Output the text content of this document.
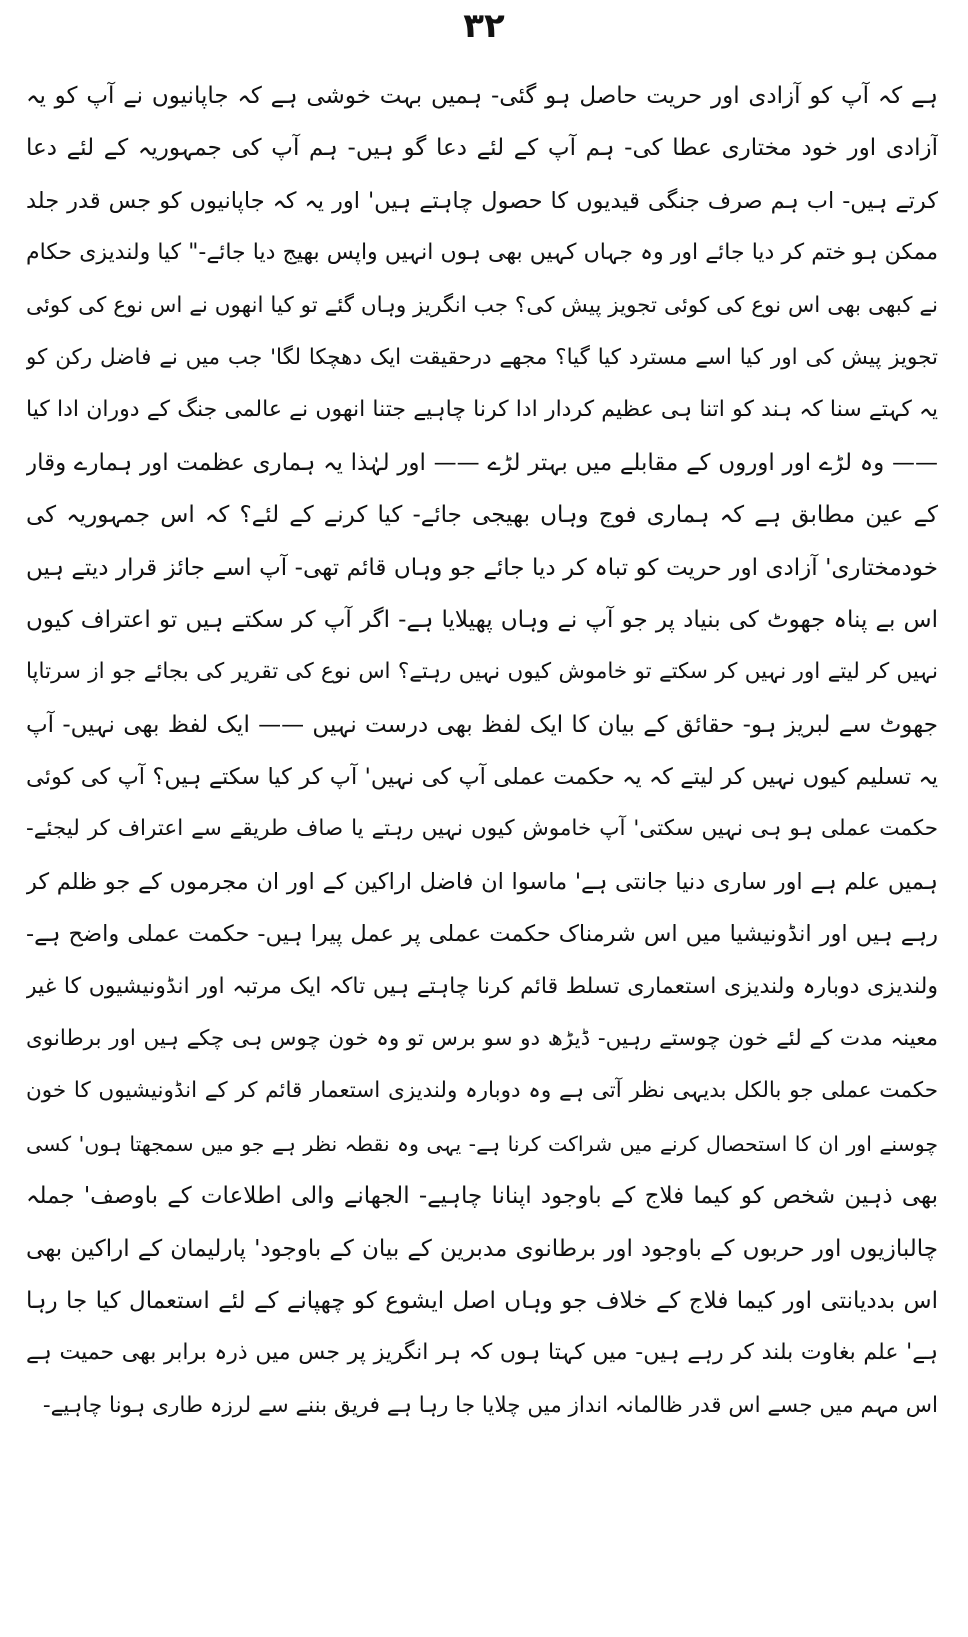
۳۲

ہے کہ آپ کو آزادی اور حریت حاصل ہو گئی- ہمیں بہت خوشی ہے کہ جاپانیوں نے آپ کو یہ

آزادی اور خود مختاری عطا کی- ہم آپ کے لئے دعا گو ہیں- ہم آپ کی جمہوریہ کے لئے دعا

کرتے ہیں- اب ہم صرف جنگی قیدیوں کا حصول چاہتے ہیں' اور یہ کہ جاپانیوں کو جس قدر جلد

ممکن ہو ختم کر دیا جائے اور وہ جہاں کہیں بھی ہوں انہیں واپس بھیج دیا جائے-" کیا ولندیزی حکام

نے کبھی بھی اس نوع کی کوئی تجویز پیش کی؟ جب انگریز وہاں گئے تو کیا انھوں نے اس نوع کی کوئی

تجویز پیش کی اور کیا اسے مسترد کیا گیا؟ مجھے درحقیقت ایک دھچکا لگا' جب میں نے فاضل رکن کو

یہ کہتے سنا کہ ہند کو اتنا ہی عظیم کردار ادا کرنا چاہیے جتنا انھوں نے عالمی جنگ کے دوران ادا کیا

—— وہ لڑے اور اوروں کے مقابلے میں بہتر لڑے —— اور لہٰذا یہ ہماری عظمت اور ہمارے وقار

کے عین مطابق ہے کہ ہماری فوج وہاں بھیجی جائے- کیا کرنے کے لئے؟ کہ اس جمہوریہ کی

خودمختاری' آزادی اور حریت کو تباہ کر دیا جائے جو وہاں قائم تھی- آپ اسے جائز قرار دیتے ہیں

اس بے پناہ جھوٹ کی بنیاد پر جو آپ نے وہاں پھیلایا ہے- اگر آپ کر سکتے ہیں تو اعتراف کیوں

نہیں کر لیتے اور نہیں کر سکتے تو خاموش کیوں نہیں رہتے؟ اس نوع کی تقریر کی بجائے جو از سرتاپا

جھوٹ سے لبریز ہو- حقائق کے بیان کا ایک لفظ بھی درست نہیں —— ایک لفظ بھی نہیں- آپ

یہ تسلیم کیوں نہیں کر لیتے کہ یہ حکمت عملی آپ کی نہیں' آپ کر کیا سکتے ہیں؟ آپ کی کوئی

حکمت عملی ہو ہی نہیں سکتی' آپ خاموش کیوں نہیں رہتے یا صاف طریقے سے اعتراف کر لیجئے-

ہمیں علم ہے اور ساری دنیا جانتی ہے' ماسوا ان فاضل اراکین کے اور ان مجرموں کے جو ظلم کر

رہے ہیں اور انڈونیشیا میں اس شرمناک حکمت عملی پر عمل پیرا ہیں- حکمت عملی واضح ہے-

ولندیزی دوبارہ ولندیزی استعماری تسلط قائم کرنا چاہتے ہیں تاکہ ایک مرتبہ اور انڈونیشیوں کا غیر

معینہ مدت کے لئے خون چوستے رہیں- ڈیڑھ دو سو برس تو وہ خون چوس ہی چکے ہیں اور برطانوی

حکمت عملی جو بالکل بدیہی نظر آتی ہے وہ دوبارہ ولندیزی استعمار قائم کر کے انڈونیشیوں کا خون

چوسنے اور ان کا استحصال کرنے میں شراکت کرنا ہے- یہی وہ نقطہ نظر ہے جو میں سمجھتا ہوں' کسی

بھی ذہین شخص کو کیما فلاج کے باوجود اپنانا چاہیے- الجھانے والی اطلاعات کے باوصف' جملہ

چالبازیوں اور حربوں کے باوجود اور برطانوی مدبرین کے بیان کے باوجود' پارلیمان کے اراکین بھی

اس بددیانتی اور کیما فلاج کے خلاف جو وہاں اصل ایشوع کو چھپانے کے لئے استعمال کیا جا رہا

ہے' علم بغاوت بلند کر رہے ہیں- میں کہتا ہوں کہ ہر انگریز پر جس میں ذرہ برابر بھی حمیت ہے

اس مہم میں جسے اس قدر ظالمانہ انداز میں چلایا جا رہا ہے فریق بننے سے لرزہ طاری ہونا چاہیے-
